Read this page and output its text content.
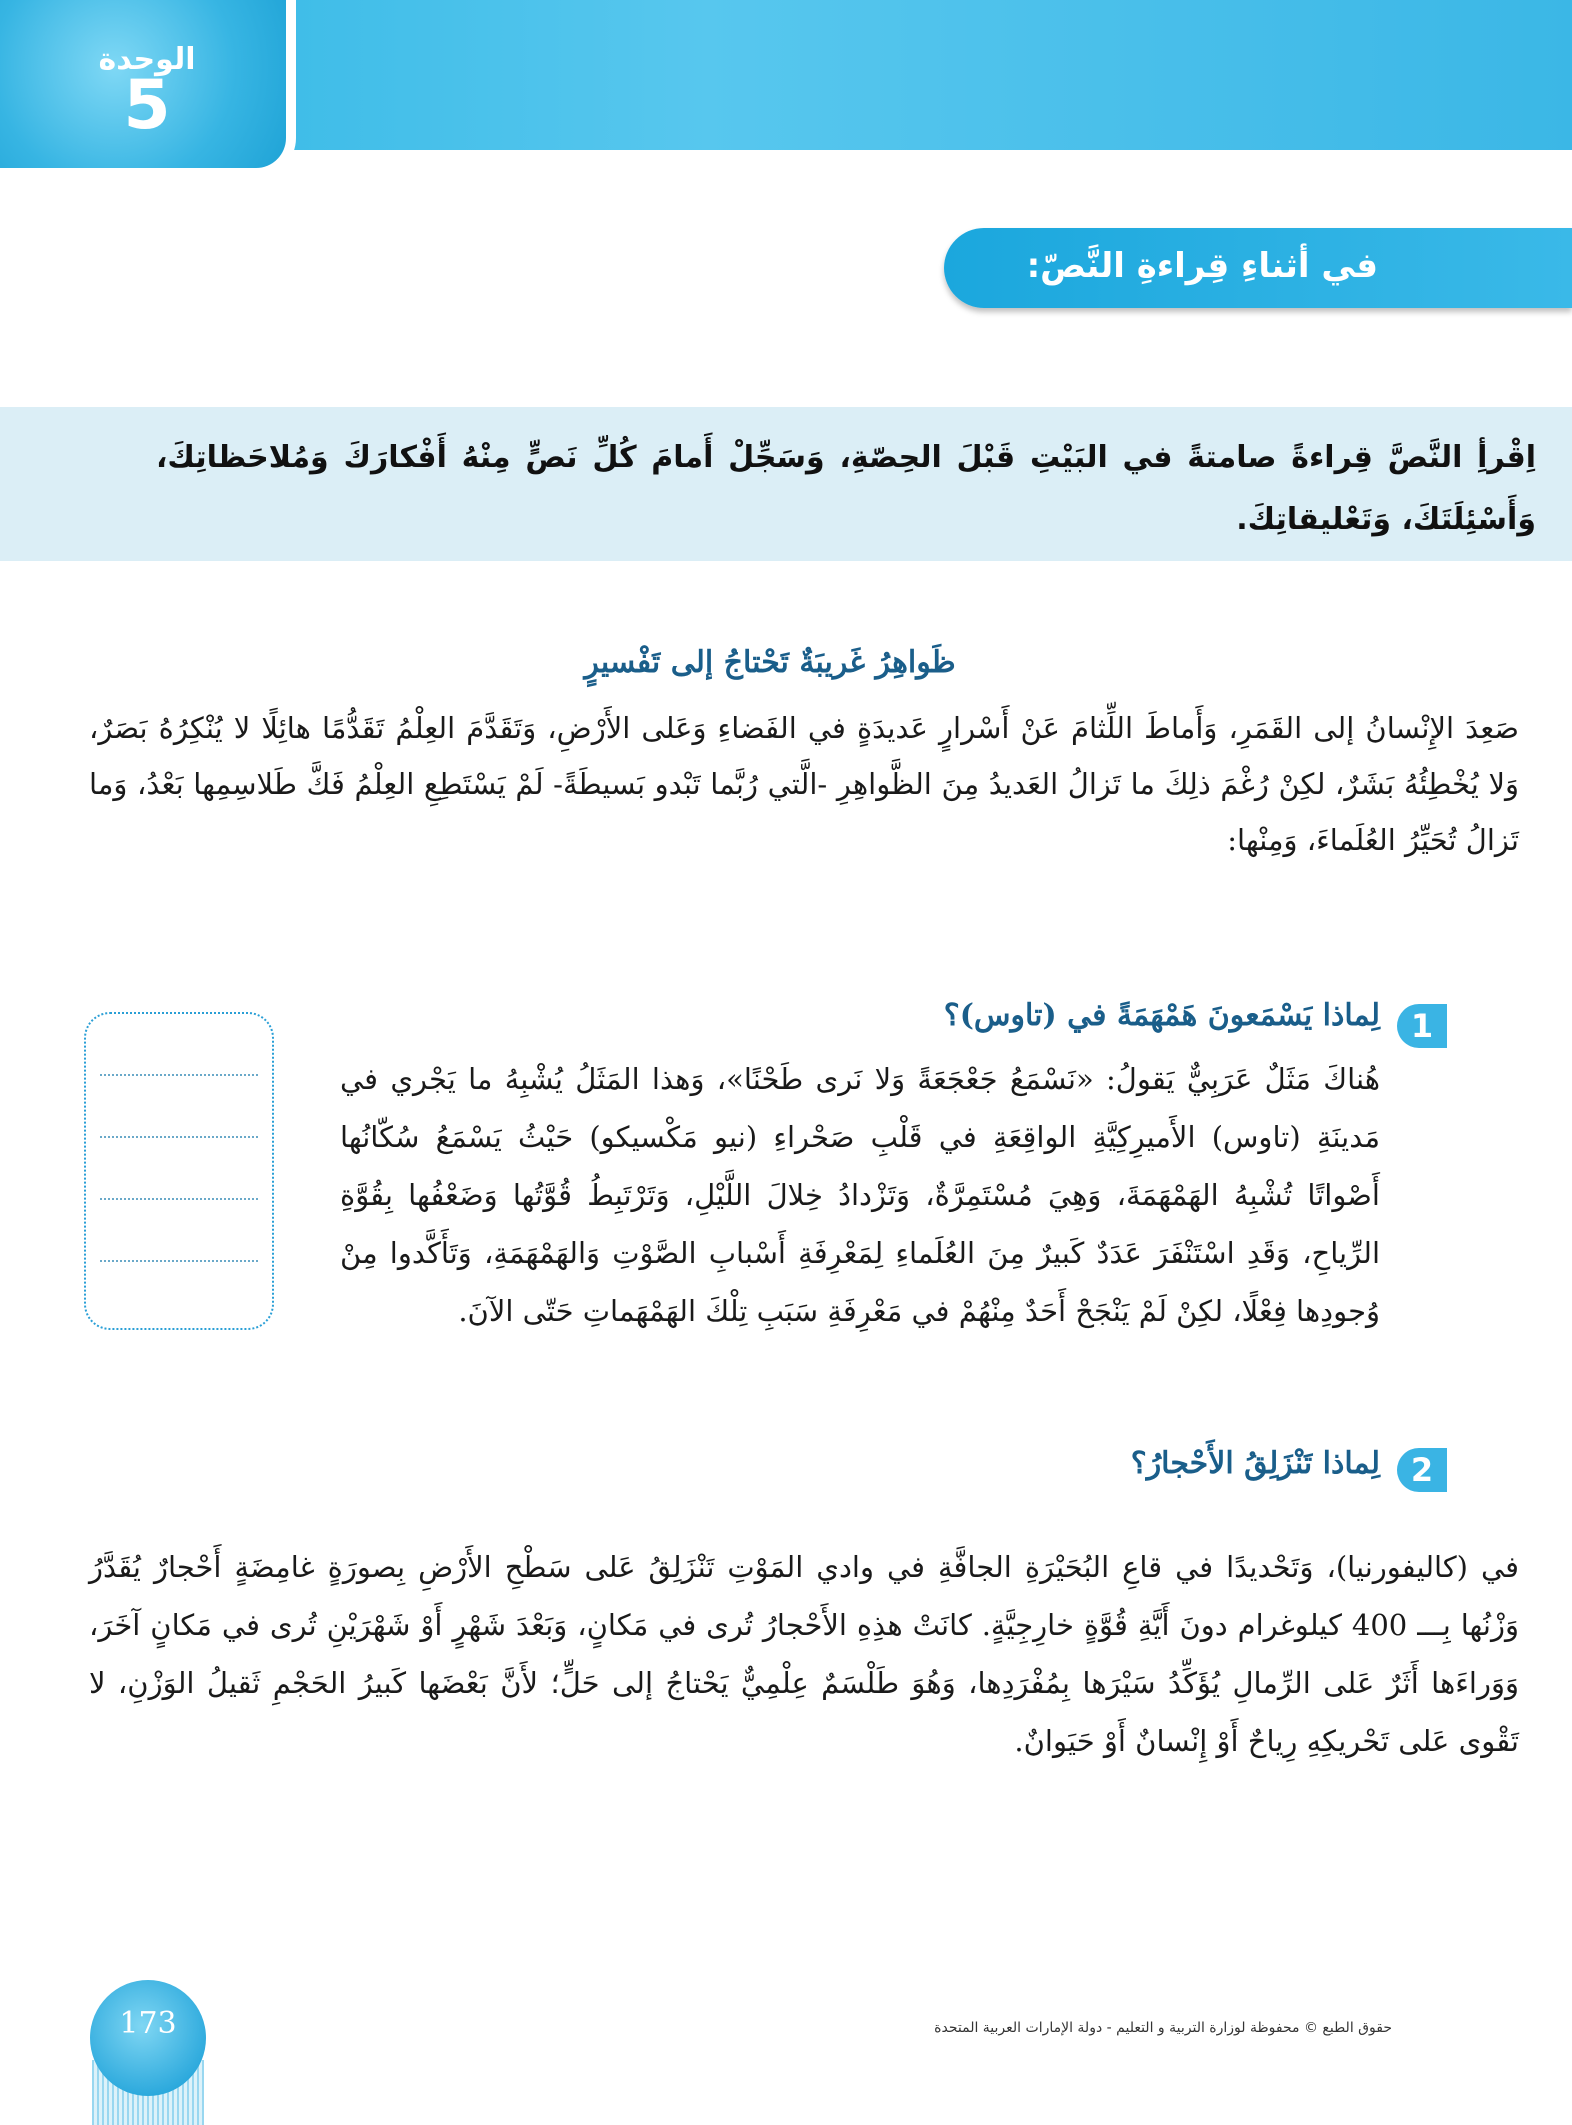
الوحدة
5
في أثناءِ قِراءةِ النَّصّ:
اِقْرأِ النَّصَّ قِراءةً صامتةً في البَيْتِ قَبْلَ الحِصّةِ، وَسَجِّلْ أَمامَ كُلِّ نَصٍّ مِنْهُ أَفْكارَكَ وَمُلاحَظاتِكَ، وَأَسْئِلَتَكَ، وَتَعْليقاتِكَ.
ظَواهِرُ غَريبَةٌ تَحْتاجُ إلى تَفْسيرٍ
صَعِدَ الإِنْسانُ إلى القَمَرِ، وَأَماطَ اللِّثامَ عَنْ أَسْرارٍ عَديدَةٍ في الفَضاءِ وَعَلى الأَرْضِ، وَتَقَدَّمَ العِلْمُ تَقَدُّمًا هائِلًا لا يُنْكِرُهُ بَصَرٌ، وَلا يُخْطِئُهُ بَشَرٌ، لكِنْ رُغْمَ ذلِكَ ما تَزالُ العَديدُ مِنَ الظَّواهِرِ -الَّتي رُبَّما تَبْدو بَسيطَةً- لَمْ يَسْتَطِعِ العِلْمُ فَكَّ طَلاسِمِها بَعْدُ، وَما تَزالُ تُحَيِّرُ العُلَماءَ، وَمِنْها:
1
لِماذا يَسْمَعونَ هَمْهَمَةً في (تاوس)؟
هُناكَ مَثَلٌ عَرَبِيٌّ يَقولُ: «نَسْمَعُ جَعْجَعَةً وَلا نَرى طَحْنًا»، وَهذا المَثَلُ يُشْبِهُ ما يَجْري في مَدينَةِ (تاوس) الأَميرِكِيَّةِ الواقِعَةِ في قَلْبِ صَحْراءِ (نيو مَكْسيكو) حَيْثُ يَسْمَعُ سُكّانُها أَصْواتًا تُشْبِهُ الهَمْهَمَةَ، وَهِيَ مُسْتَمِرَّةٌ، وَتَزْدادُ خِلالَ اللَّيْلِ، وَتَرْتَبِطُ قُوَّتُها وَضَعْفُها بِقُوَّةِ الرِّياحِ، وَقَدِ اسْتَنْفَرَ عَدَدٌ كَبيرٌ مِنَ العُلَماءِ لِمَعْرِفَةِ أَسْبابِ الصَّوْتِ وَالهَمْهَمَةِ، وَتَأَكَّدوا مِنْ وُجودِها فِعْلًا، لكِنْ لَمْ يَنْجَحْ أَحَدٌ مِنْهُمْ في مَعْرِفَةِ سَبَبِ تِلْكَ الهَمْهَماتِ حَتّى الآنَ.
2
لِماذا تَنْزَلِقُ الأَحْجارُ؟
في (كاليفورنيا)، وَتَحْديدًا في قاعِ البُحَيْرَةِ الجافَّةِ في وادي المَوْتِ تَنْزَلِقُ عَلى سَطْحِ الأَرْضِ بِصورَةٍ غامِضَةٍ أَحْجارٌ يُقَدَّرُ وَزْنُها بِـــ 400 كيلوغرام دونَ أَيَّةِ قُوَّةٍ خارِجِيَّةٍ. كانَتْ هذِهِ الأَحْجارُ تُرى في مَكانٍ، وَبَعْدَ شَهْرٍ أَوْ شَهْرَيْنِ تُرى في مَكانٍ آخَرَ، وَوَراءَها أَثَرٌ عَلى الرِّمالِ يُؤَكِّدُ سَيْرَها بِمُفْرَدِها، وَهُوَ طَلْسَمٌ عِلْمِيٌّ يَحْتاجُ إلى حَلٍّ؛ لأَنَّ بَعْضَها كَبيرُ الحَجْمِ ثَقيلُ الوَزْنِ، لا تَقْوى عَلى تَحْريكِهِ رِياحٌ أَوْ إِنْسانٌ أَوْ حَيَوانٌ.
173	حقوق الطبع © محفوظة لوزارة التربية و التعليم - دولة الإمارات العربية المتحدة
